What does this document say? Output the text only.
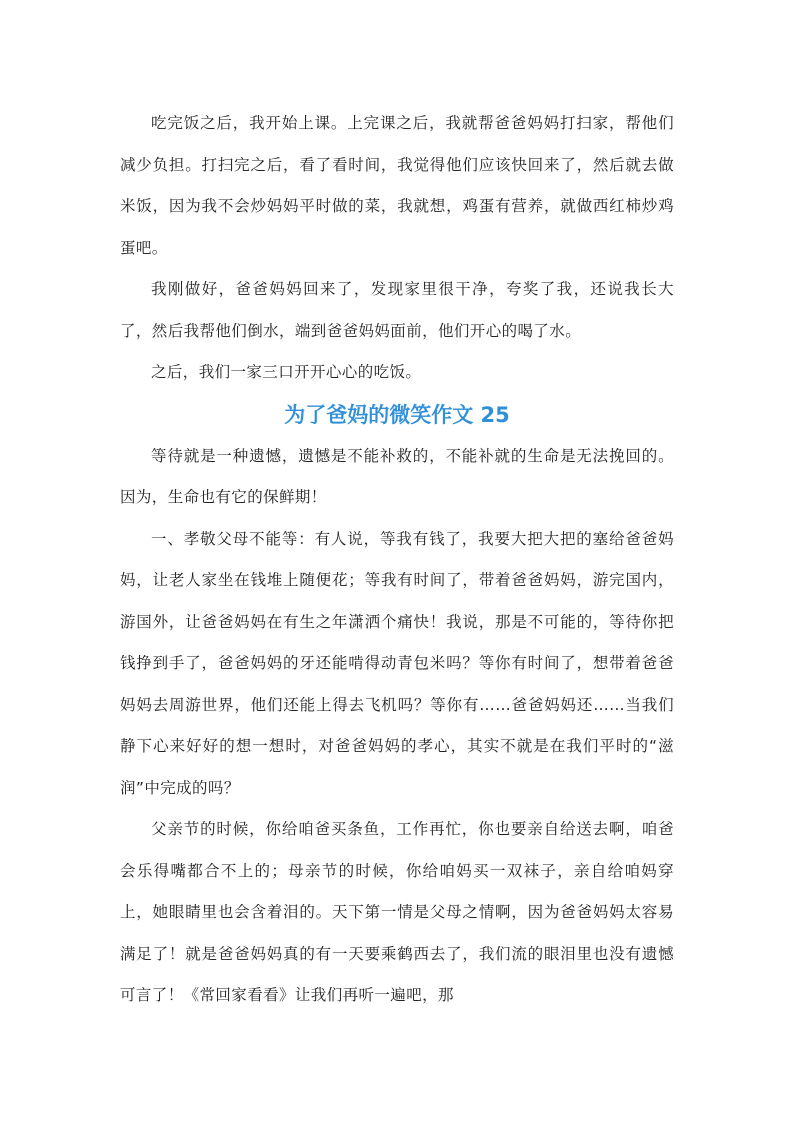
吃完饭之后，我开始上课。上完课之后，我就帮爸爸妈妈打扫家，帮他们减少负担。打扫完之后，看了看时间，我觉得他们应该快回来了，然后就去做米饭，因为我不会炒妈妈平时做的菜，我就想，鸡蛋有营养，就做西红柿炒鸡蛋吧。

我刚做好，爸爸妈妈回来了，发现家里很干净，夸奖了我，还说我长大了，然后我帮他们倒水，端到爸爸妈妈面前，他们开心的喝了水。

之后，我们一家三口开开心心的吃饭。

为了爸妈的微笑作文 25

等待就是一种遗憾，遗憾是不能补救的，不能补就的生命是无法挽回的。因为，生命也有它的保鲜期！

一、孝敬父母不能等：有人说，等我有钱了，我要大把大把的塞给爸爸妈妈，让老人家坐在钱堆上随便花；等我有时间了，带着爸爸妈妈，游完国内，游国外，让爸爸妈妈在有生之年潇洒个痛快！我说，那是不可能的，等待你把钱挣到手了，爸爸妈妈的牙还能啃得动青包米吗？等你有时间了，想带着爸爸妈妈去周游世界，他们还能上得去飞机吗？等你有……爸爸妈妈还……当我们静下心来好好的想一想时，对爸爸妈妈的孝心，其实不就是在我们平时的“滋润”中完成的吗？

父亲节的时候，你给咱爸买条鱼，工作再忙，你也要亲自给送去啊，咱爸会乐得嘴都合不上的；母亲节的时候，你给咱妈买一双袜子，亲自给咱妈穿上，她眼睛里也会含着泪的。天下第一情是父母之情啊，因为爸爸妈妈太容易满足了！就是爸爸妈妈真的有一天要乘鹤西去了，我们流的眼泪里也没有遗憾可言了！《常回家看看》让我们再听一遍吧，那
